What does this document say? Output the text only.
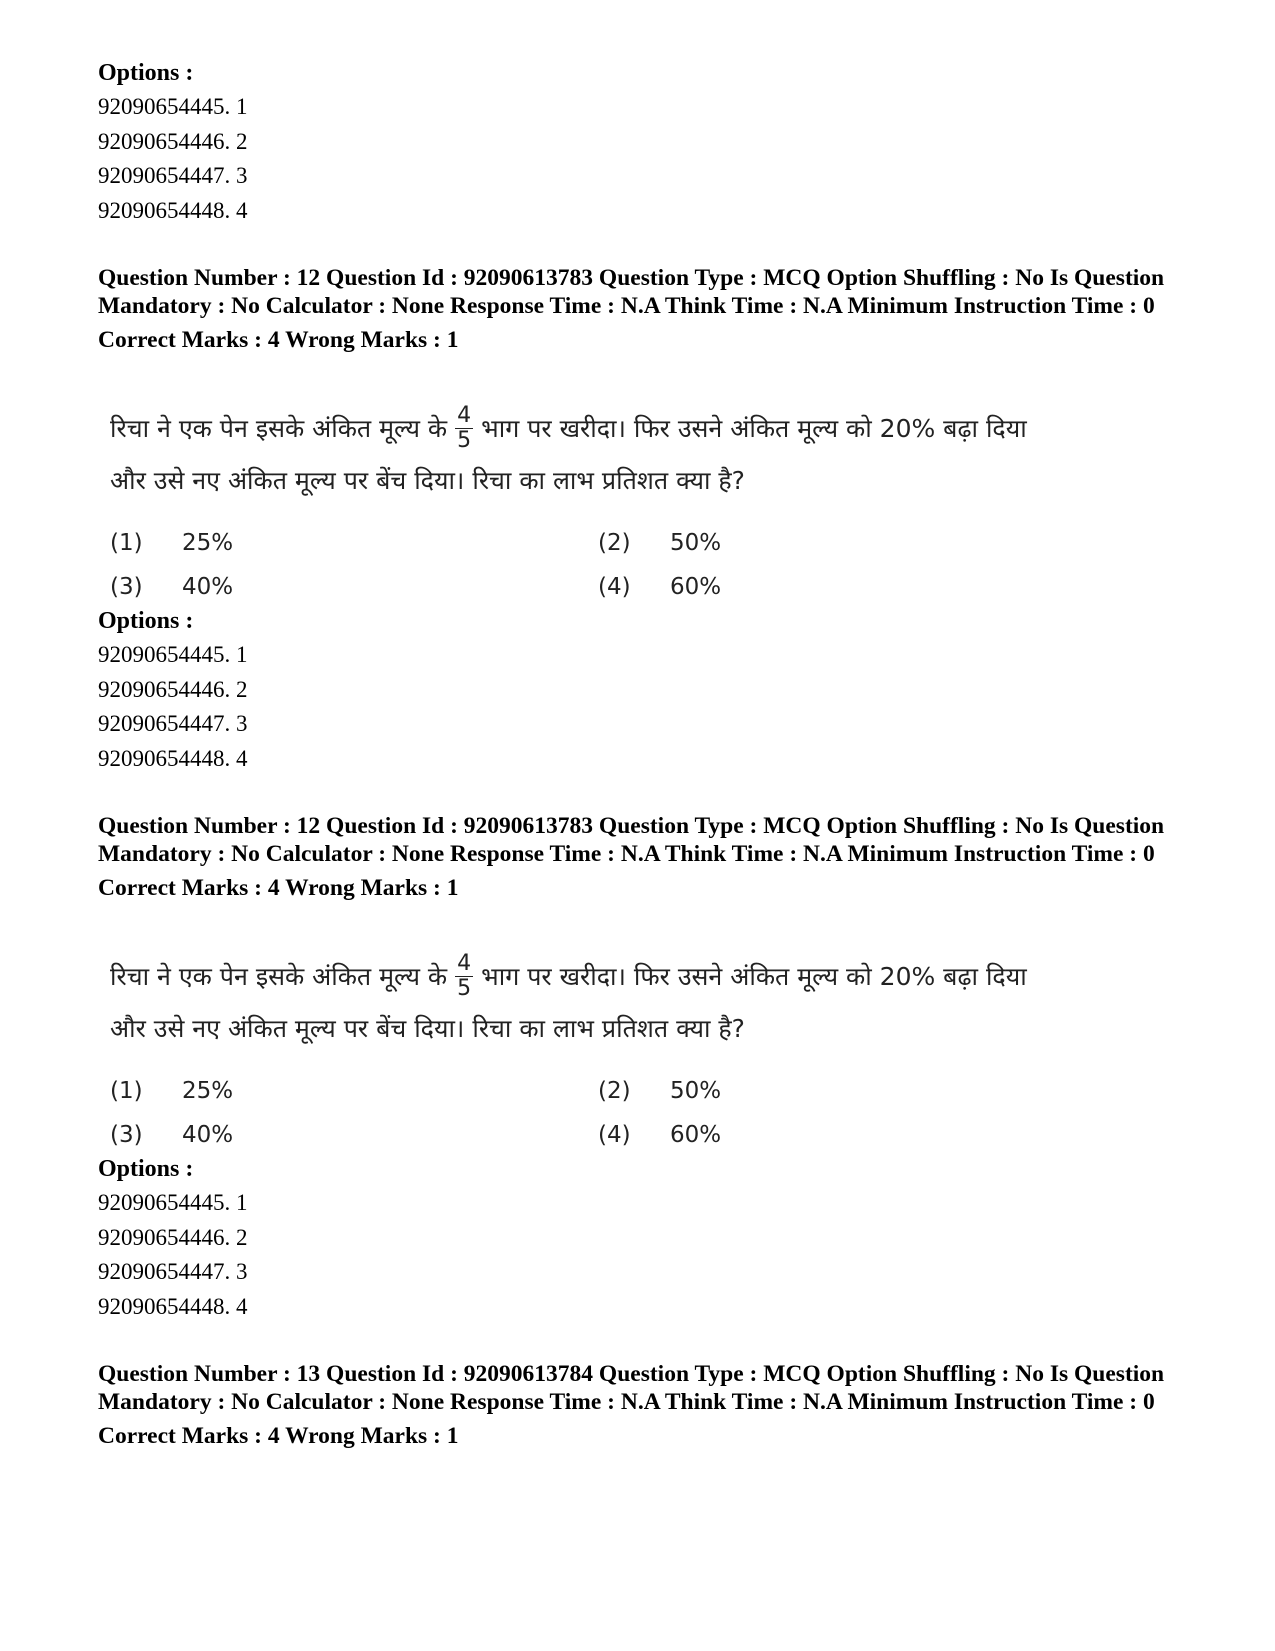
Options :
92090654445. 1
92090654446. 2
92090654447. 3
92090654448. 4
Question Number : 12 Question Id : 92090613783 Question Type : MCQ Option Shuffling : No Is Question Mandatory : No Calculator : None Response Time : N.A Think Time : N.A Minimum Instruction Time : 0
Correct Marks : 4 Wrong Marks : 1
रिचा ने एक पेन इसके अंकित मूल्य के $\frac{4}{5}$ भाग पर खरीदा। फिर उसने अंकित मूल्य को 20% बढ़ा दिया
और उसे नए अंकित मूल्य पर बेंच दिया। रिचा का लाभ प्रतिशत क्या है?
(1)	25%	(2)	50%
(3)	40%	(4)	60%
Options :
92090654445. 1
92090654446. 2
92090654447. 3
92090654448. 4
Question Number : 12 Question Id : 92090613783 Question Type : MCQ Option Shuffling : No Is Question Mandatory : No Calculator : None Response Time : N.A Think Time : N.A Minimum Instruction Time : 0
Correct Marks : 4 Wrong Marks : 1
रिचा ने एक पेन इसके अंकित मूल्य के $\frac{4}{5}$ भाग पर खरीदा। फिर उसने अंकित मूल्य को 20% बढ़ा दिया
और उसे नए अंकित मूल्य पर बेंच दिया। रिचा का लाभ प्रतिशत क्या है?
(1)	25%	(2)	50%
(3)	40%	(4)	60%
Options :
92090654445. 1
92090654446. 2
92090654447. 3
92090654448. 4
Question Number : 13 Question Id : 92090613784 Question Type : MCQ Option Shuffling : No Is Question Mandatory : No Calculator : None Response Time : N.A Think Time : N.A Minimum Instruction Time : 0
Correct Marks : 4 Wrong Marks : 1
